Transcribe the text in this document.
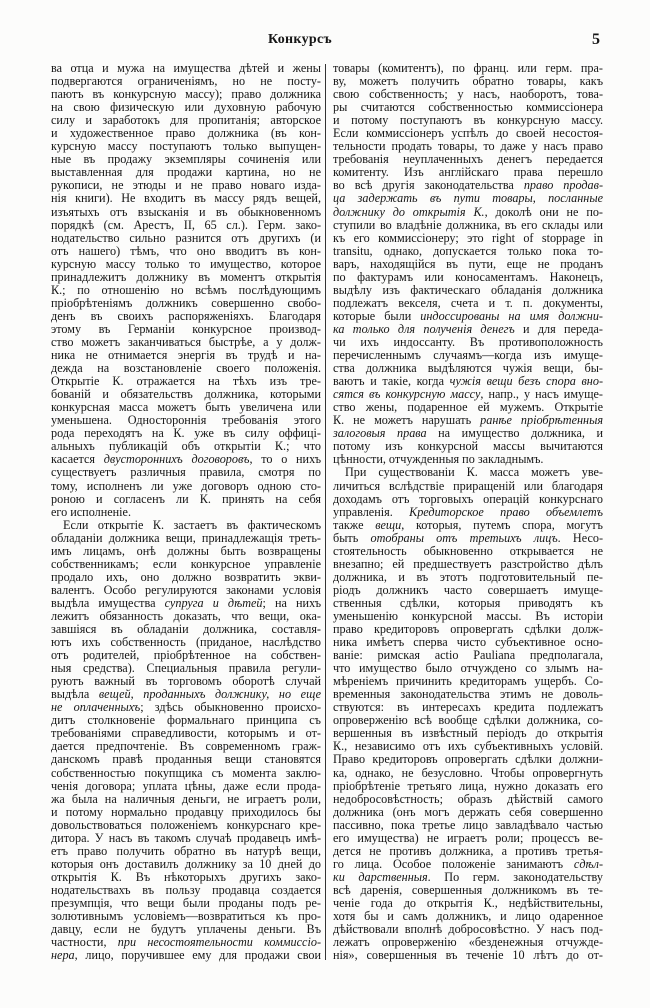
Конкурсъ	5
ва отца и мужа на имущества дѣтей и жены
подвергаются ограниченіямъ, но не посту-
паютъ въ конкурсную массу); право должника
на свою физическую или духовную рабочую
силу и заработокъ для пропитанія; авторское
и художественное право должника (въ кон-
курсную массу поступаютъ только выпущен-
ные въ продажу экземпляры сочиненія или
выставленная для продажи картина, но не
рукописи, не этюды и не право новаго изда-
нія книги). Не входитъ въ массу рядъ вещей,
изъятыхъ отъ взысканія и въ обыкновенномъ
порядкѣ (см. Арестъ, II, 65 сл.). Герм. зако-
нодательство сильно разнится отъ другихъ (и
отъ нашего) тѣмъ, что оно вводитъ въ кон-
курсную массу только то имущество, которое
принадлежитъ должнику въ моментъ открытія
К.; по отношенію но всѣмъ послѣдующимъ
пріобрѣтеніямъ должникъ совершенно свобо-
денъ въ своихъ распоряженіяхъ. Благодаря
этому въ Германіи конкурсное производ-
ство можетъ заканчиваться быстрѣе, а у долж-
ника не отнимается энергія въ трудѣ и на-
дежда на возстановленіе своего положенія.
Открытіе К. отражается на тѣхъ изъ тре-
бованій и обязательствъ должника, которыми
конкурсная масса можетъ быть увеличена или
уменьшена. Одностороннія требованія этого
рода переходятъ на К. уже въ силу оффиці-
альныхъ публикацій объ открытіи К.; что
касается двустороннихъ договоровъ, то о нихъ
существуетъ различныя правила, смотря по
тому, исполненъ ли уже договоръ одною сто-
роною и согласенъ ли К. принять на себя
его исполненіе.
Если открытіе К. застаетъ въ фактическомъ
обладаніи должника вещи, принадлежащія треть-
имъ лицамъ, онѣ должны быть возвращены
собственникамъ; если конкурсное управленіе
продало ихъ, оно должно возвратить экви-
валентъ. Особо регулируются законами условія
выдѣла имущества супруга и дѣтей; на нихъ
лежитъ обязанность доказать, что вещи, ока-
завшіяся въ обладаніи должника, составля-
ютъ ихъ собственность (приданое, наслѣдство
отъ родителей, пріобрѣтенное на собствен-
ныя средства). Специальныя правила регули-
руютъ важный въ торговомъ оборотѣ случай
выдѣла вещей, проданныхъ должнику, но еще
не оплаченныхъ; здѣсь обыкновенно происхо-
дитъ столкновеніе формальнаго принципа съ
требованіями справедливости, которымъ и от-
дается предпочтеніе. Въ современномъ граж-
данскомъ правѣ проданныя вещи становятся
собственностью покупщика съ момента заклю-
ченія договора; уплата цѣны, даже если прода-
жа была на наличныя деньги, не играетъ роли,
и потому нормально продавцу приходилось бы
довольствоваться положеніемъ конкурснаго кре-
дитора. У насъ въ такомъ случаѣ продавецъ имѣ-
етъ право получить обратно въ натурѣ вещи,
которыя онъ доставилъ должнику за 10 дней до
открытія К. Въ нѣкоторыхъ другихъ зако-
нодательствахъ въ пользу продавца создается
презумпція, что вещи были проданы подъ ре-
золютивнымъ условіемъ—возвратиться къ про-
давцу, если не будутъ уплачены деньги. Въ
частности, при несостоятельности коммиссіо-
нера, лицо, поручившее ему для продажи свои
товары (комитентъ), по франц. или герм. пра-
ву, можетъ получить обратно товары, какъ
свою собственность; у насъ, наоборотъ, това-
ры считаются собственностью коммиссіонера
и потому поступаютъ въ конкурсную массу.
Если коммиссіонеръ успѣлъ до своей несостоя-
тельности продать товары, то даже у насъ право
требованія неуплаченныхъ денегъ передается
комитенту. Изъ англійскаго права перешло
во всѣ другія законодательства право продав-
ца задержать въ пути товары, посланные
должнику до открытія К., доколѣ они не по-
ступили во владѣніе должника, въ его склады или
къ его коммиссіонеру; это right of stoppage in
transitu, однако, допускается только пока то-
варъ, находящійся въ пути, еще не проданъ
по фактурамъ или коносаментамъ. Наконецъ,
выдѣлу изъ фактическаго обладанія должника
подлежатъ векселя, счета и т. п. документы,
которые были индоссированы на имя должни-
ка только для полученія денегъ и для переда-
чи ихъ индоссанту. Въ противоположность
перечисленнымъ случаямъ—когда изъ имуще-
ства должника выдѣляются чужія вещи, бы-
ваютъ и такіе, когда чужія вещи безъ спора вно-
сятся въ конкурсную массу, напр., у насъ имуще-
ство жены, подаренное ей мужемъ. Открытіе
К. не можетъ нарушать ранѣе пріобрѣтенныя
залоговыя права на имущество должника, и
потому изъ конкурсной массы вычитаются
цѣнности, отчужденныя по закладнымъ.
При существованіи К. масса можетъ уве-
личиться вслѣдствіе приращеній или благодаря
доходамъ отъ торговыхъ операцій конкурснаго
управленія. Кредиторское право объемлетъ
также вещи, которыя, путемъ спора, могутъ
быть отобраны отъ третьихъ лицъ. Несо-
стоятельность обыкновенно открывается не
внезапно; ей предшествуетъ разстройство дѣлъ
должника, и въ этотъ подготовительный пе-
ріодъ должникъ часто совершаетъ имуще-
ственныя сдѣлки, которыя приводятъ къ
уменьшенію конкурсной массы. Въ исторіи
право кредиторовъ опровергать сдѣлки долж-
ника имѣетъ сперва чисто субъективное осно-
ваніе: римская actio Pauliana предполагала,
что имущество было отчуждено со злымъ на-
мѣреніемъ причинить кредиторамъ ущербъ. Со-
временныя законодательства этимъ не доволь-
ствуются: въ интересахъ кредита подлежатъ
опроверженію всѣ вообще сдѣлки должника, со-
вершенныя въ извѣстный періодъ до открытія
К., независимо отъ ихъ субъективныхъ условій.
Право кредиторовъ опровергать сдѣлки должни-
ка, однако, не безусловно. Чтобы опровергнуть
пріобрѣтеніе третьяго лица, нужно доказать его
недобросовѣстность; образъ дѣйствій самого
должника (онъ могъ держать себя совершенно
пассивно, пока третье лицо завладѣвало частью
его имущества) не играетъ роли; процессъ ве-
дется не противъ должника, а противъ третья-
го лица. Особое положеніе занимаютъ сдѣл-
ки дарственныя. По герм. законодательству
всѣ даренія, совершенныя должникомъ въ те-
ченіе года до открытія К., недѣйствительны,
хотя бы и самъ должникъ, и лицо одаренное
дѣйствовали вполнѣ добросовѣстно. У насъ под-
лежатъ опроверженію «безденежныя отчужде-
нія», совершенныя въ теченіе 10 лѣтъ до от-
